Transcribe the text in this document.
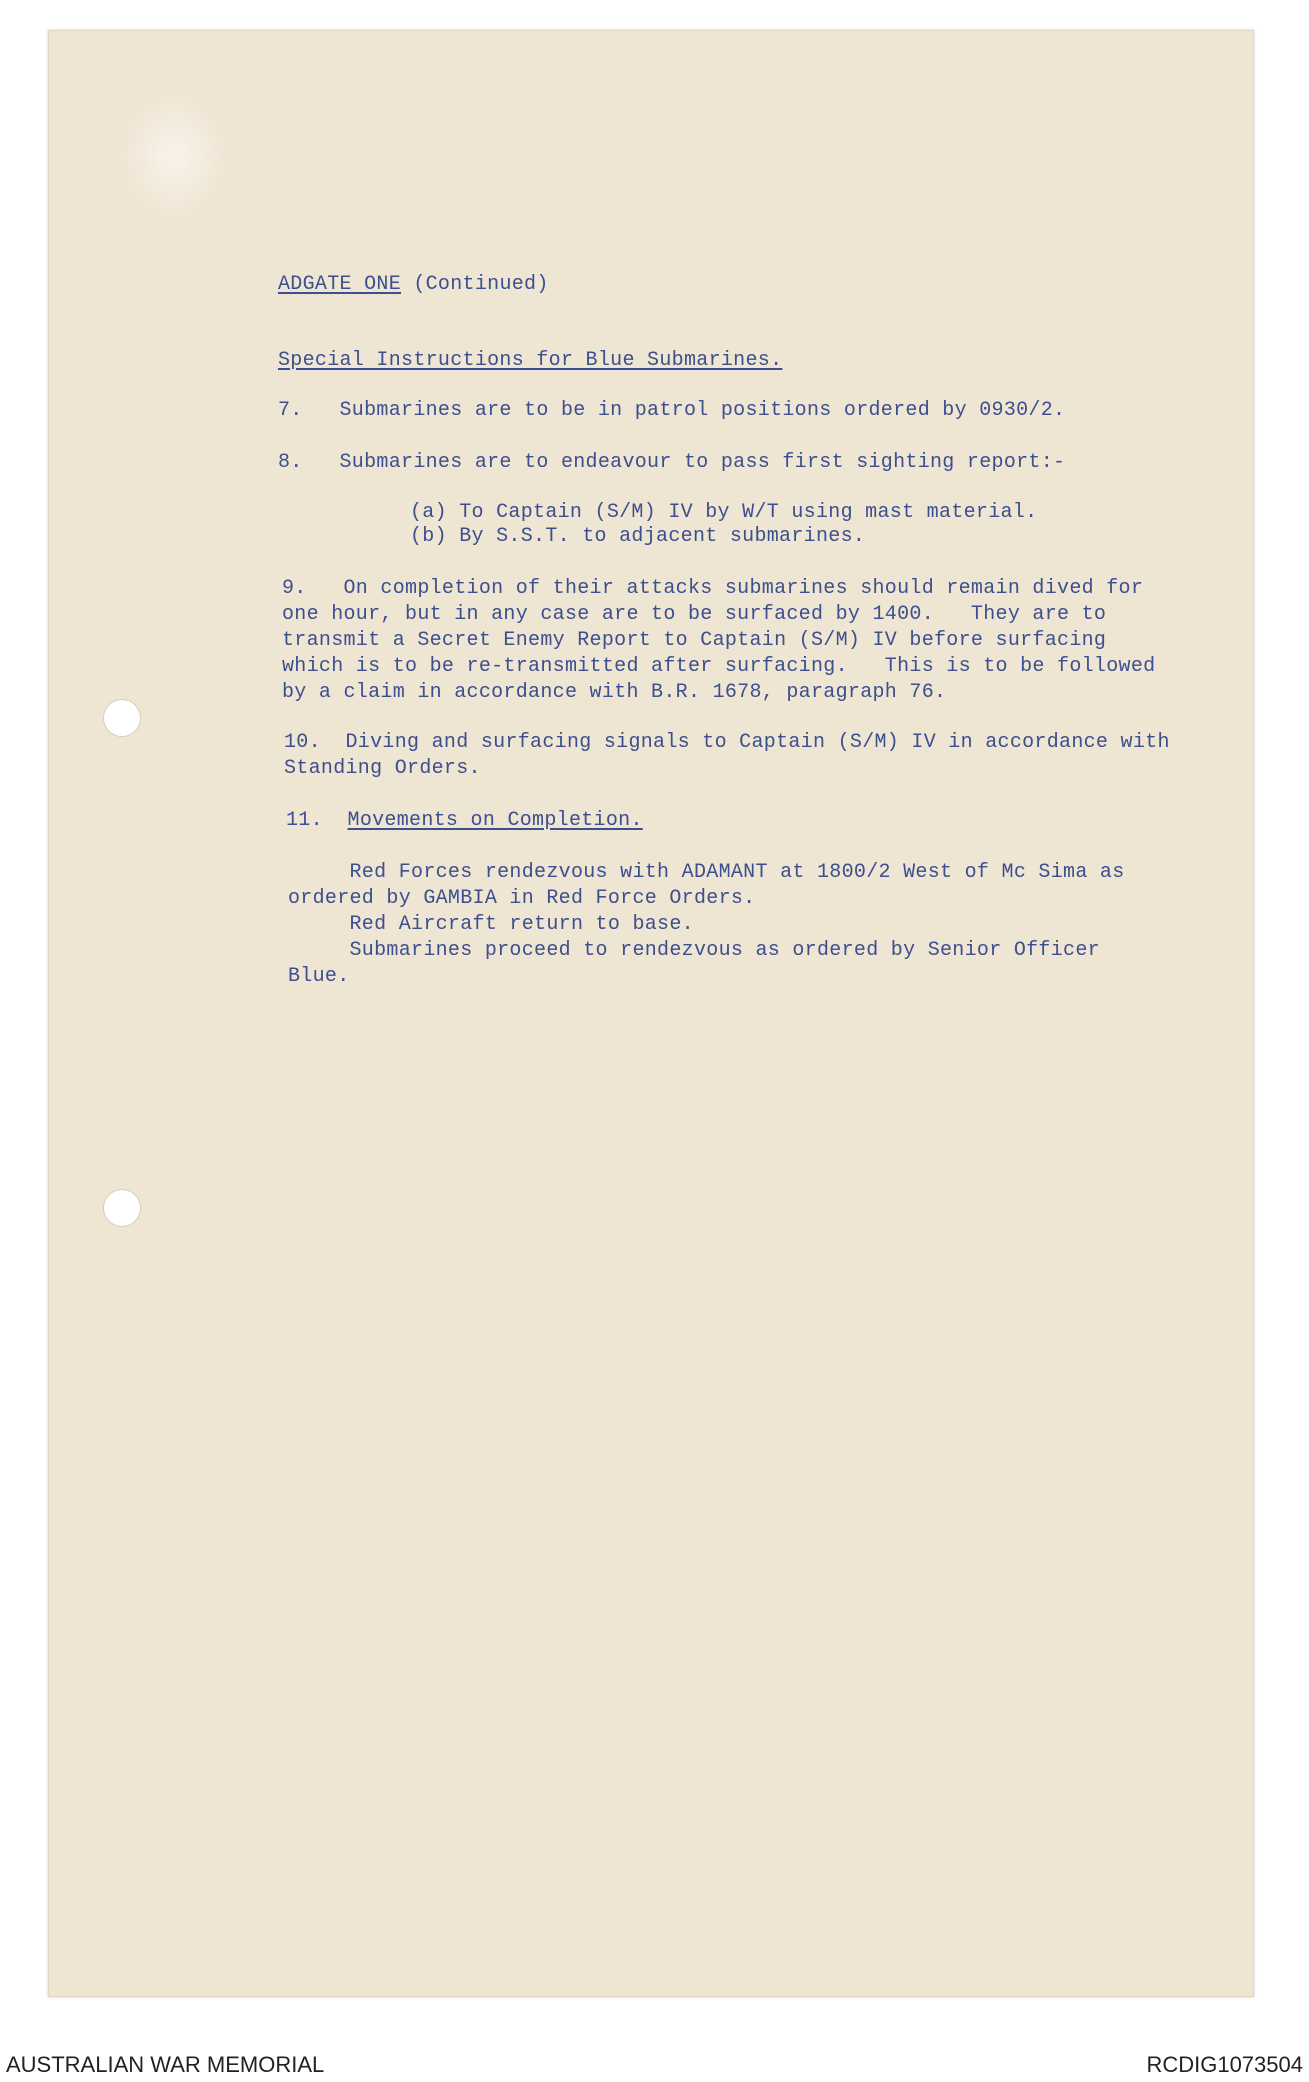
ADGATE ONE (Continued)
Special Instructions for Blue Submarines.
7.   Submarines are to be in patrol positions ordered by 0930/2.
8.   Submarines are to endeavour to pass first sighting report:-
(a) To Captain (S/M) IV by W/T using mast material.
(b) By S.S.T. to adjacent submarines.
9.   On completion of their attacks submarines should remain dived for
one hour, but in any case are to be surfaced by 1400.   They are to
transmit a Secret Enemy Report to Captain (S/M) IV before surfacing
which is to be re-transmitted after surfacing.   This is to be followed
by a claim in accordance with B.R. 1678, paragraph 76.
10.  Diving and surfacing signals to Captain (S/M) IV in accordance with
Standing Orders.
11.  Movements on Completion.
Red Forces rendezvous with ADAMANT at 1800/2 West of Mc Sima as
ordered by GAMBIA in Red Force Orders.
Red Aircraft return to base.
Submarines proceed to rendezvous as ordered by Senior Officer
Blue.
AUSTRALIAN WAR MEMORIAL	RCDIG1073504
